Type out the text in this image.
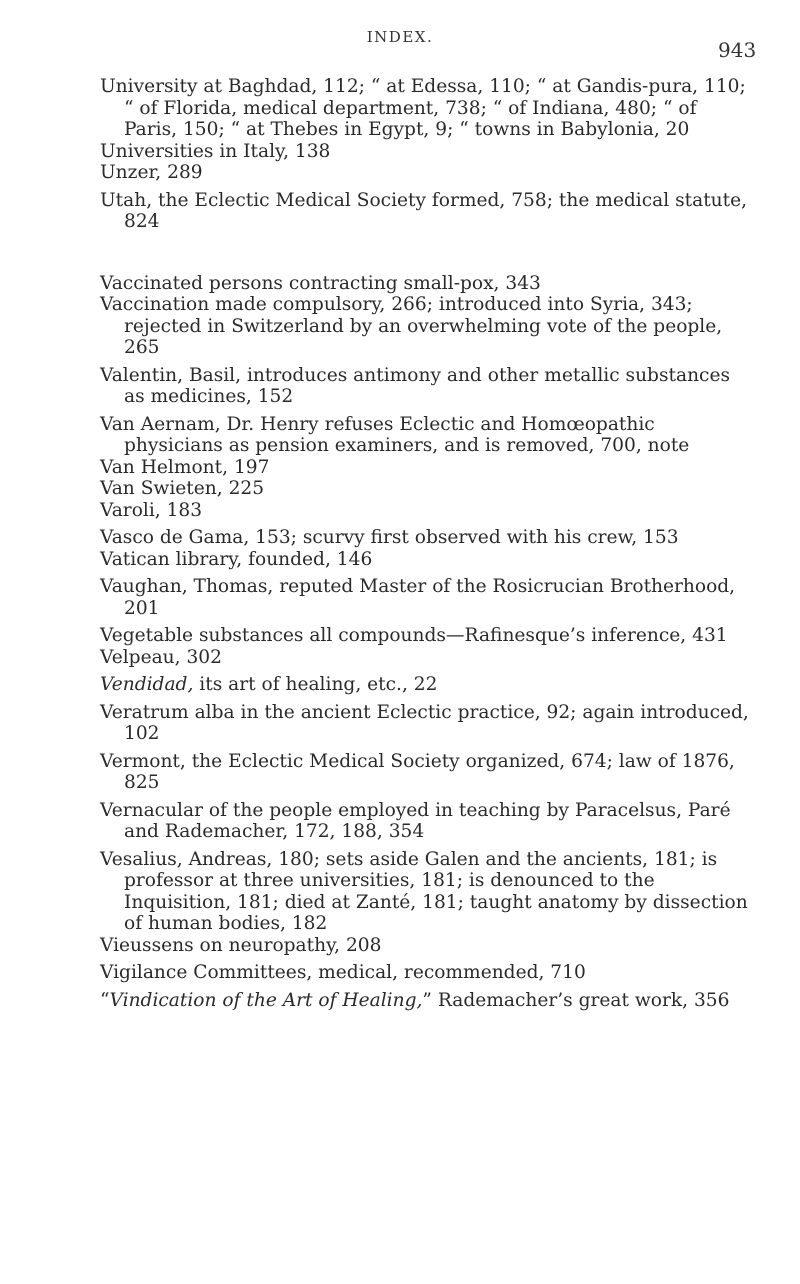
INDEX.
943

University at Baghdad, 112; “ at Edessa, 110; “ at Gandis-pura, 110; “ of Florida, medical department, 738; “ of Indiana, 480; “ of Paris, 150; “ at Thebes in Egypt, 9; “ towns in Babylonia, 20

Universities in Italy, 138

Unzer, 289

Utah, the Eclectic Medical Society formed, 758; the medical statute, 824

Vaccinated persons contracting small-pox, 343

Vaccination made compulsory, 266; introduced into Syria, 343; rejected in Switzerland by an overwhelming vote of the people, 265

Valentin, Basil, introduces antimony and other metallic substances as medicines, 152

Van Aernam, Dr. Henry refuses Eclectic and Homœopathic physicians as pension examiners, and is removed, 700, note

Van Helmont, 197

Van Swieten, 225

Varoli, 183

Vasco de Gama, 153; scurvy first observed with his crew, 153

Vatican library, founded, 146

Vaughan, Thomas, reputed Master of the Rosicrucian Brotherhood, 201

Vegetable substances all compounds—Rafinesque’s inference, 431

Velpeau, 302

Vendidad, its art of healing, etc., 22

Veratrum alba in the ancient Eclectic practice, 92; again introduced, 102

Vermont, the Eclectic Medical Society organized, 674; law of 1876, 825

Vernacular of the people employed in teaching by Paracelsus, Paré and Rademacher, 172, 188, 354

Vesalius, Andreas, 180; sets aside Galen and the ancients, 181; is professor at three universities, 181; is denounced to the Inquisition, 181; died at Zanté, 181; taught anatomy by dissection of human bodies, 182

Vieussens on neuropathy, 208

Vigilance Committees, medical, recommended, 710

“Vindication of the Art of Healing,” Rademacher’s great work, 356
